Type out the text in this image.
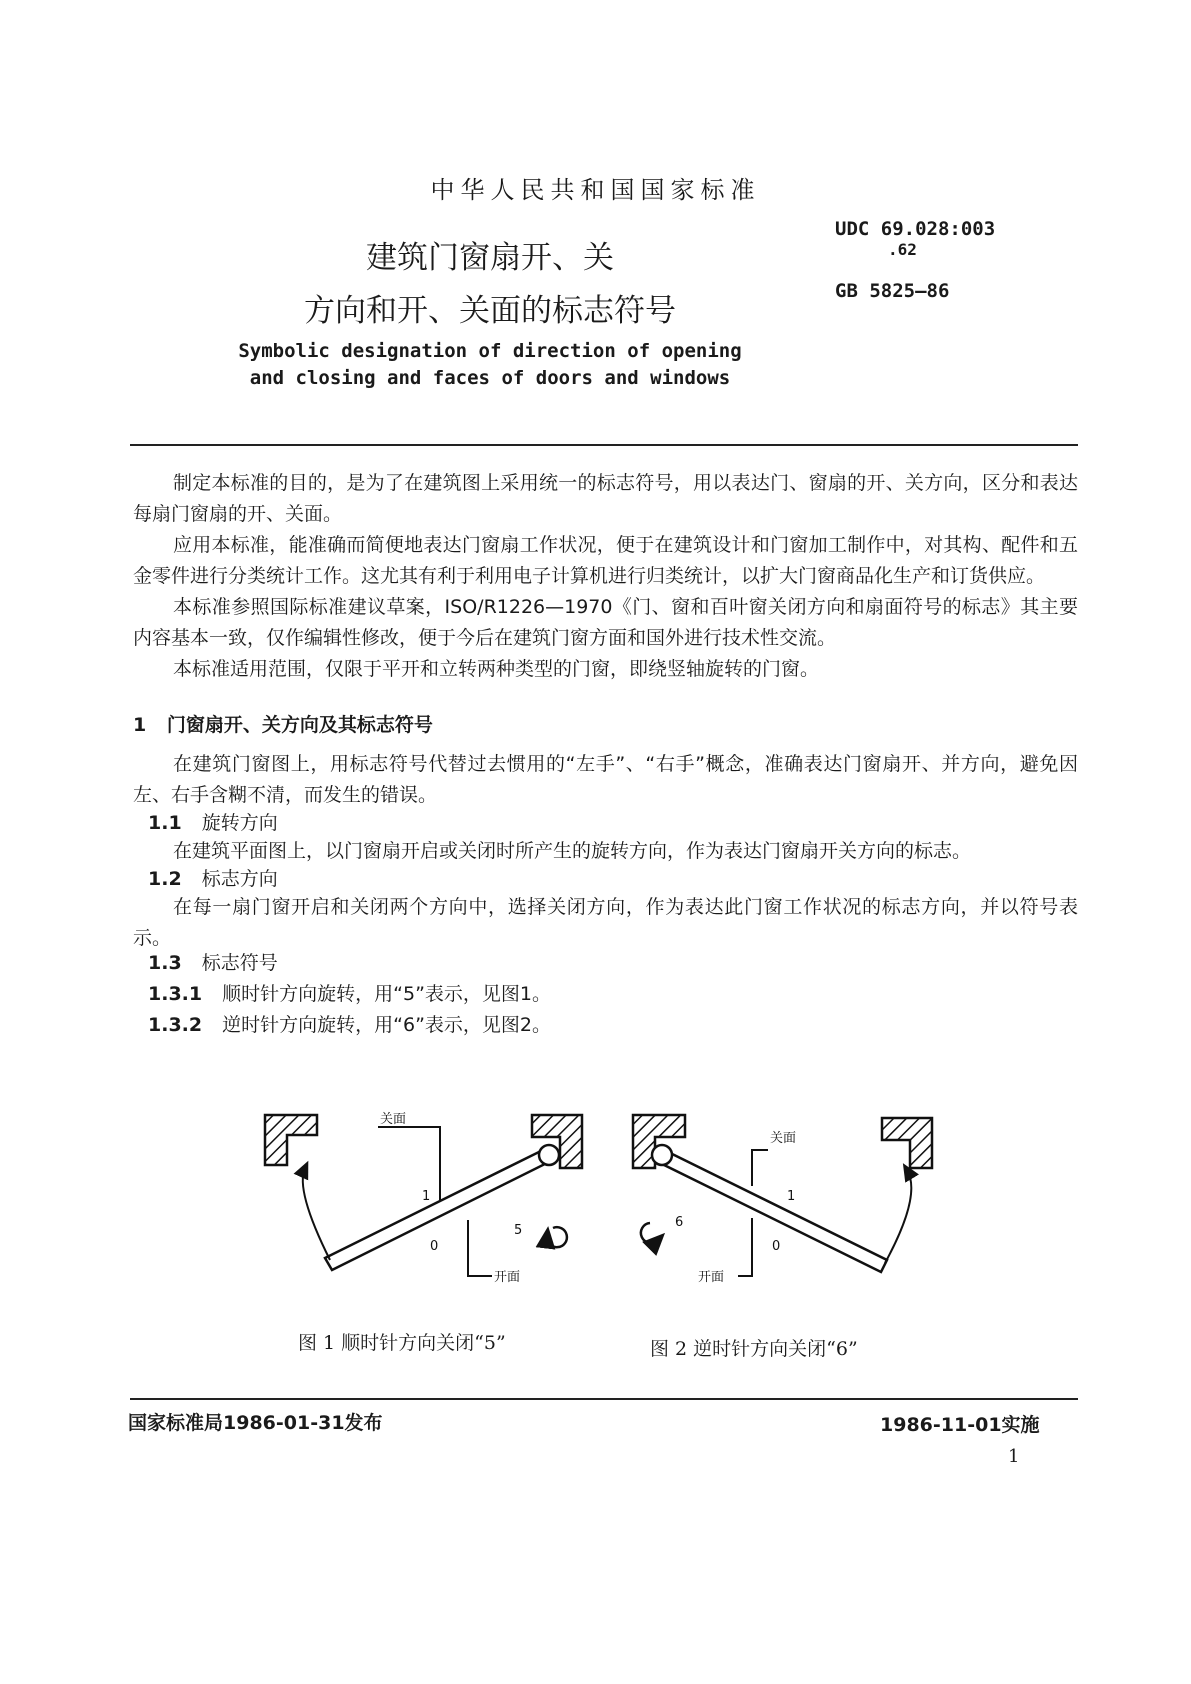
中华人民共和国国家标准
建筑门窗扇开、关
方向和开、关面的标志符号
Symbolic designation of direction of opening
and closing and faces of doors and windows
UDC 69.028:003
.62
GB 5825—86

制定本标准的目的，是为了在建筑图上采用统一的标志符号，用以表达门、窗扇的开、关方向，区分和表达每扇门窗扇的开、关面。

应用本标准，能准确而简便地表达门窗扇工作状况，便于在建筑设计和门窗加工制作中，对其构、配件和五金零件进行分类统计工作。这尤其有利于利用电子计算机进行归类统计，以扩大门窗商品化生产和订货供应。

本标准参照国际标准建议草案，ISO/R1226—1970《门、窗和百叶窗关闭方向和扇面符号的标志》其主要内容基本一致，仅作编辑性修改，便于今后在建筑门窗方面和国外进行技术性交流。

本标准适用范围，仅限于平开和立转两种类型的门窗，即绕竖轴旋转的门窗。

1 门窗扇开、关方向及其标志符号

在建筑门窗图上，用标志符号代替过去惯用的“左手”、“右手”概念，准确表达门窗扇开、并方向，避免因左、右手含糊不清，而发生的错误。

1.1 旋转方向

在建筑平面图上，以门窗扇开启或关闭时所产生的旋转方向，作为表达门窗扇开关方向的标志。

1.2 标志方向

在每一扇门窗开启和关闭两个方向中，选择关闭方向，作为表达此门窗工作状况的标志方向，并以符号表示。

1.3 标志符号
1.3.1 顺时针方向旋转，用“5”表示，见图1。
1.3.2 逆时针方向旋转，用“6”表示，见图2。
关面
开面
1
0
5
关面
开面
1
0
6
图 1 顺时针方向关闭“5”	图 2 逆时针方向关闭“6”
国家标准局1986-01-31发布	1986-11-01实施
1
